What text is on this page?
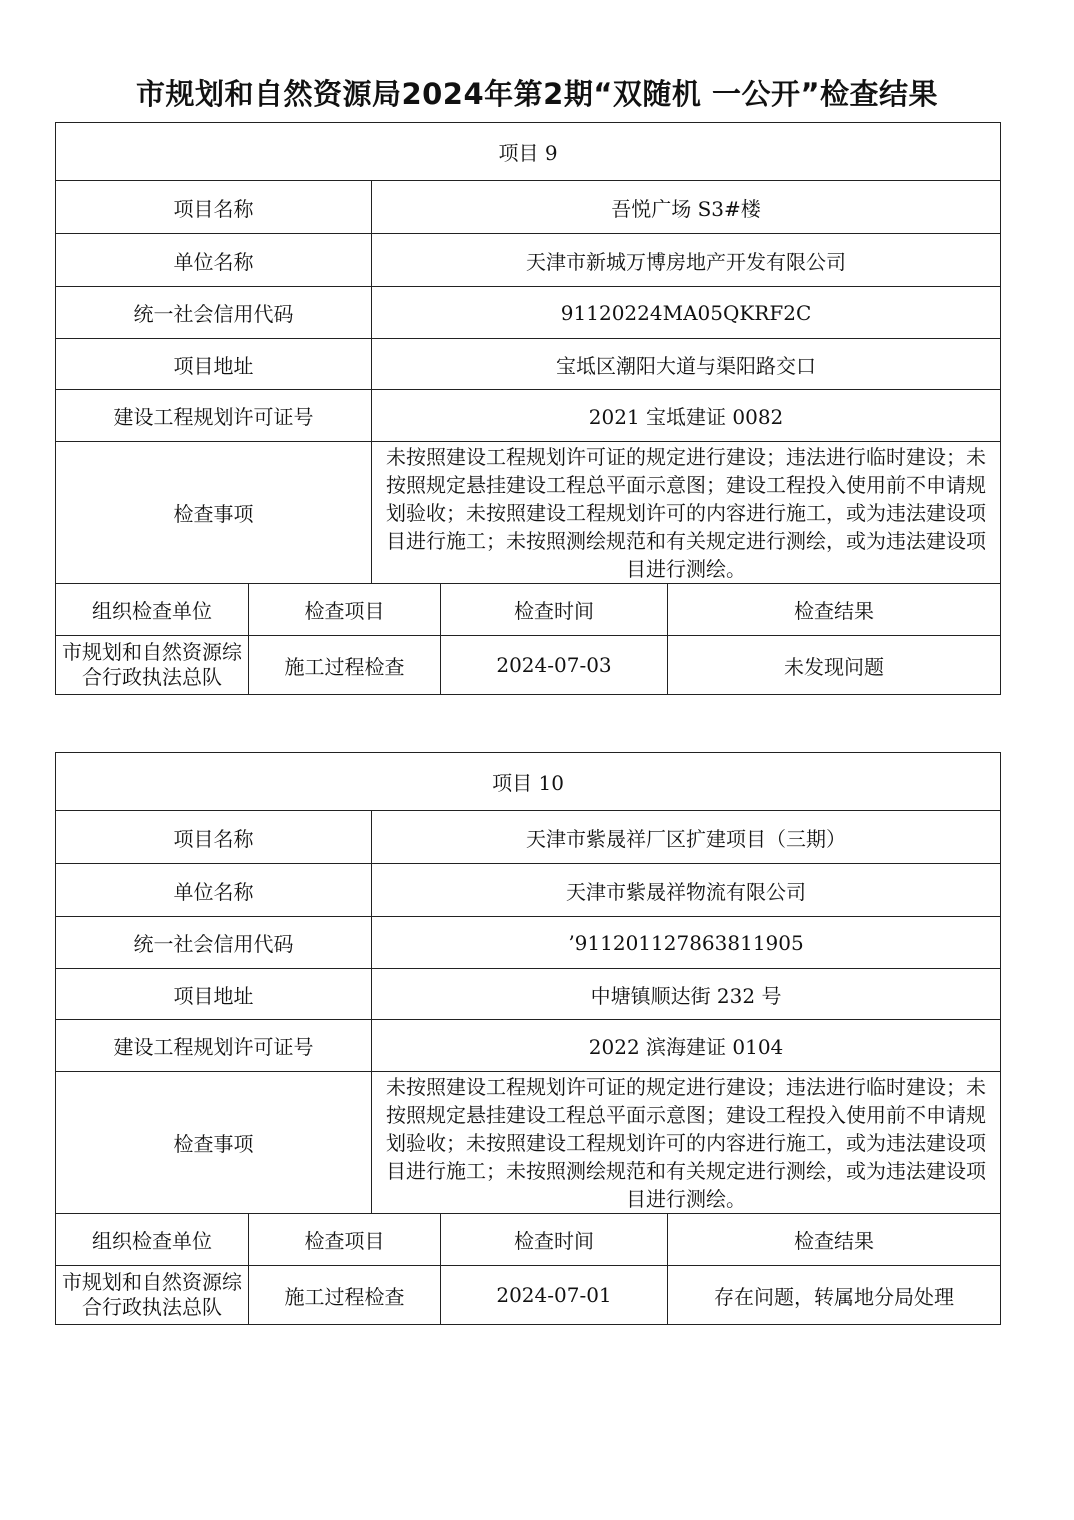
市规划和自然资源局2024年第2期“双随机 一公开”检查结果
项目 9				
项目名称		吾悦广场 S3#楼		
单位名称		天津市新城万博房地产开发有限公司		
统一社会信用代码		91120224MA05QKRF2C		
项目地址		宝坻区潮阳大道与渠阳路交口		
建设工程规划许可证号		2021 宝坻建证 0082		
检查事项		未按照建设工程规划许可证的规定进行建设；违法进行临时建设；未按照规定悬挂建设工程总平面示意图；建设工程投入使用前不申请规划验收；未按照建设工程规划许可的内容进行施工，或为违法建设项目进行施工；未按照测绘规范和有关规定进行测绘，或为违法建设项目进行测绘。		
组织检查单位	检查项目		检查时间	检查结果
市规划和自然资源综合行政执法总队	施工过程检查		2024-07-03	未发现问题
项目 10				
项目名称		天津市紫晟祥厂区扩建项目（三期）		
单位名称		天津市紫晟祥物流有限公司		
统一社会信用代码		’911201127863811905		
项目地址		中塘镇顺达街 232 号		
建设工程规划许可证号		2022 滨海建证 0104		
检查事项		未按照建设工程规划许可证的规定进行建设；违法进行临时建设；未按照规定悬挂建设工程总平面示意图；建设工程投入使用前不申请规划验收；未按照建设工程规划许可的内容进行施工，或为违法建设项目进行施工；未按照测绘规范和有关规定进行测绘，或为违法建设项目进行测绘。		
组织检查单位	检查项目		检查时间	检查结果
市规划和自然资源综合行政执法总队	施工过程检查		2024-07-01	存在问题，转属地分局处理
